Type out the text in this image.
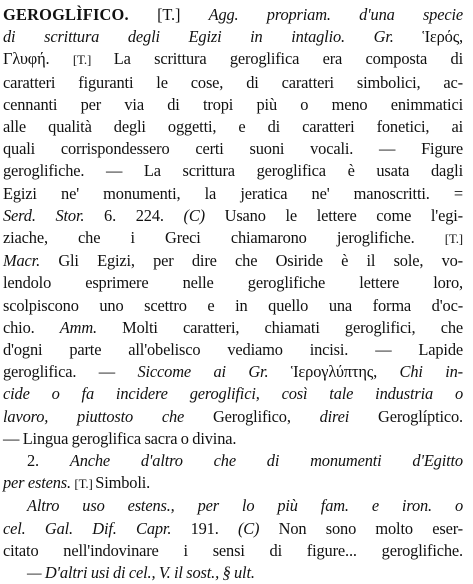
GEROGLÌFICO. [T.] Agg. propriam. d'una specie
di scrittura degli Egizi in intaglio. Gr. Ἱερός,
Γλυφή. [T.] La scrittura geroglifica era composta di
caratteri figuranti le cose, di caratteri simbolici, ac-
cennanti per via di tropi più o meno enimmatici
alle qualità degli oggetti, e di caratteri fonetici, ai
quali corrispondessero certi suoni vocali. — Figure
geroglifiche. — La scrittura geroglifica è usata dagli
Egizi ne' monumenti, la jeratica ne' manoscritti. =
Serd. Stor. 6. 224. (C) Usano le lettere come l'egi-
ziache, che i Greci chiamarono jeroglifiche. [T.]
Macr. Gli Egizi, per dire che Osiride è il sole, vo-
lendolo esprimere nelle geroglifiche lettere loro,
scolpiscono uno scettro e in quello una forma d'oc-
chio. Amm. Molti caratteri, chiamati geroglifici, che
d'ogni parte all'obelisco vediamo incisi. — Lapide
geroglifica. — Siccome ai Gr. Ἱερογλύπτης, Chi in-
cide o fa incidere geroglifici, così tale industria o
lavoro, piuttosto che Geroglifico, direi Geroglíptico.
— Lingua geroglifica sacra o divina.
2. Anche d'altro che di monumenti d'Egitto
per estens. [T.] Simboli.
Altro uso estens., per lo più fam. e iron. o
cel. Gal. Dif. Capr. 191. (C) Non sono molto eser-
citato nell'indovinare i sensi di figure... geroglifiche.
— D'altri usi di cel., V. il sost., § ult.
